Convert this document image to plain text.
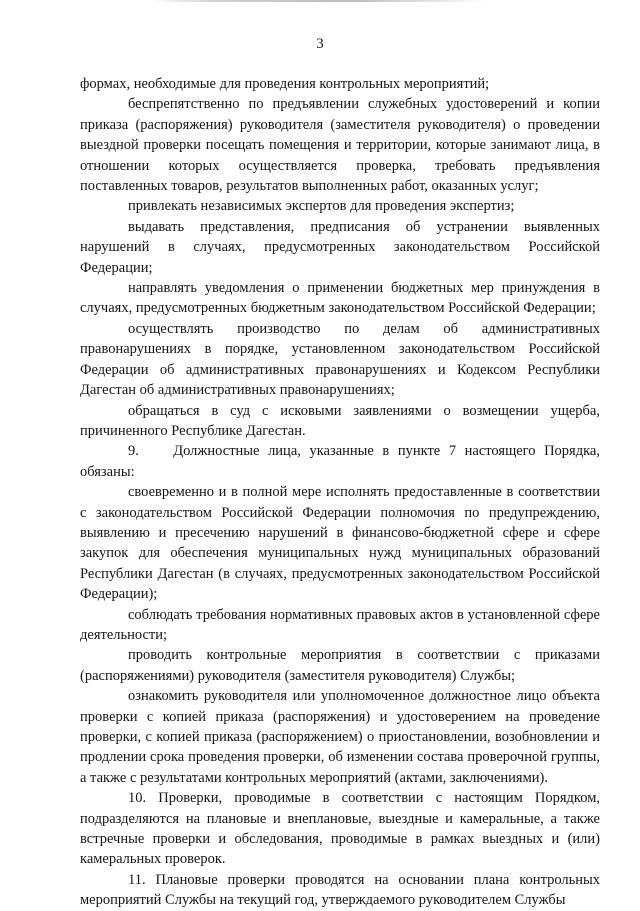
3

формах, необходимые для проведения контрольных мероприятий;

беспрепятственно по предъявлении служебных удостоверений и копии приказа (распоряжения) руководителя (заместителя руководителя) о проведении выездной проверки посещать помещения и территории, которые занимают лица, в отношении которых осуществляется проверка, требовать предъявления поставленных товаров, результатов выполненных работ, оказанных услуг;

привлекать независимых экспертов для проведения экспертиз;

выдавать представления, предписания об устранении выявленных нарушений в случаях, предусмотренных законодательством Российской Федерации;

направлять уведомления о применении бюджетных мер принуждения в случаях, предусмотренных бюджетным законодательством Российской Федерации;

осуществлять производство по делам об административных правонарушениях в порядке, установленном законодательством Российской Федерации об административных правонарушениях и Кодексом Республики Дагестан об административных правонарушениях;

обращаться в суд с исковыми заявлениями о возмещении ущерба, причиненного Республике Дагестан.

9.    Должностные лица, указанные в пункте 7 настоящего Порядка, обязаны:

своевременно и в полной мере исполнять предоставленные в соответствии с законодательством Российской Федерации полномочия по предупреждению, выявлению и пресечению нарушений в финансово-бюджетной сфере и сфере закупок для обеспечения муниципальных нужд муниципальных образований Республики Дагестан (в случаях, предусмотренных законодательством Российской Федерации);

соблюдать требования нормативных правовых актов в установленной сфере деятельности;

проводить контрольные мероприятия в соответствии с приказами (распоряжениями) руководителя (заместителя руководителя) Службы;

ознакомить руководителя или уполномоченное должностное лицо объекта проверки с копией приказа (распоряжения) и удостоверением на проведение проверки, с копией приказа (распоряжением) о приостановлении, возобновлении и продлении срока проведения проверки, об изменении состава проверочной группы, а также с результатами контрольных мероприятий (актами, заключениями).

10. Проверки, проводимые в соответствии с настоящим Порядком, подразделяются на плановые и внеплановые, выездные и камеральные, а также встречные проверки и обследования, проводимые в рамках выездных и (или) камеральных проверок.

11. Плановые проверки проводятся на основании плана контрольных мероприятий Службы на текущий год, утверждаемого руководителем Службы
